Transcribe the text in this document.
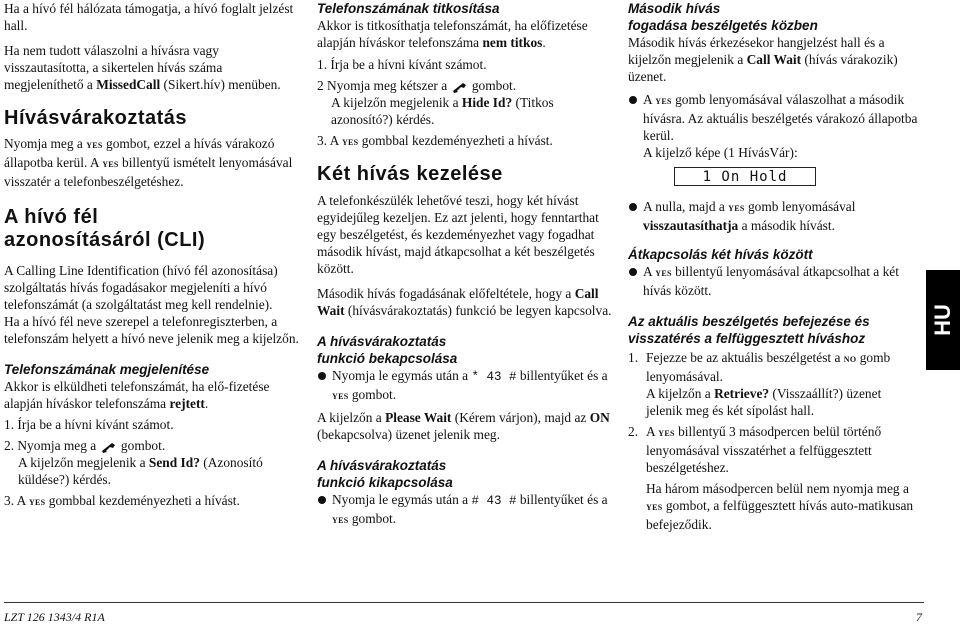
Ha a hívó fél hálózata támogatja, a hívó foglalt jelzést hall.

Ha nem tudott válaszolni a hívásra vagy visszautasította, a sikertelen hívás száma megjeleníthető a MissedCall (Sikert.hív) menüben.

Hívásvárakoztatás

Nyomja meg a yes gombot, ezzel a hívás várakozó állapotba kerül. A yes billentyű ismételt lenyomásával visszatér a telefonbeszélgetéshez.

A hívó fél
azonosításáról (CLI)

A Calling Line Identification (hívó fél azonosítása) szolgáltatás hívás fogadásakor megjeleníti a hívó telefonszámát (a szolgáltatást meg kell rendelnie).

Ha a hívó fél neve szerepel a telefonregiszterben, a telefonszám helyett a hívó neve jelenik meg a kijelzőn.

Telefonszámának megjelenítése

Akkor is elküldheti telefonszámát, ha elő-fizetése alapján híváskor telefonszáma rejtett.

1. Írja be a hívni kívánt számot.

2. Nyomja meg a  gombot.

A kijelzőn megjelenik a Send Id? (Azonosító küldése?) kérdés.

3. A yes gombbal kezdeményezheti a hívást.

Telefonszámának titkosítása

Akkor is titkosíthatja telefonszámát, ha előfizetése alapján híváskor telefonszáma nem titkos.

1. Írja be a hívni kívánt számot.

2 Nyomja meg kétszer a  gombot.

A kijelzőn megjelenik a Hide Id? (Titkos azonosító?) kérdés.

3. A yes gombbal kezdeményezheti a hívást.

Két hívás kezelése

A telefonkészülék lehetővé teszi, hogy két hívást egyidejűleg kezeljen. Ez azt jelenti, hogy fenntarthat egy beszélgetést, és kezdeményezhet vagy fogadhat második hívást, majd átkapcsolhat a két beszélgetés között.

Második hívás fogadásának előfeltétele, hogy a Call Wait (hívásvárakoztatás) funkció be legyen kapcsolva.

A hívásvárakoztatás
funkció bekapcsolása

Nyomja le egymás után a * 43 # billentyűket és a yes gombot.

A kijelzőn a Please Wait (Kérem várjon), majd az ON (bekapcsolva) üzenet jelenik meg.

A hívásvárakoztatás
funkció kikapcsolása

Nyomja le egymás után a # 43 # billentyűket és a yes gombot.

Második hívás
fogadása beszélgetés közben

Második hívás érkezésekor hangjelzést hall és a kijelzőn megjelenik a Call Wait (hívás várakozik) üzenet.

A yes gomb lenyomásával válaszolhat a második hívásra. Az aktuális beszélgetés várakozó állapotba kerül.
A kijelző képe (1 HívásVár):

1 On Hold

A nulla, majd a yes gomb lenyomásával visszautasíthatja a második hívást.

Átkapcsolás két hívás között

A yes billentyű lenyomásával átkapcsolhat a két hívás között.

Az aktuális beszélgetés befejezése és
visszatérés a felfüggesztett híváshoz
1. Fejezze be az aktuális beszélgetést a no gomb lenyomásával.

A kijelzőn a Retrieve? (Visszaállít?) üzenet jelenik meg és két sípolást hall.

2. A yes billentyű 3 másodpercen belül történő lenyomásával visszatérhet a felfüggesztett beszélgetéshez.

Ha három másodpercen belül nem nyomja meg a yes gombot, a felfüggesztett hívás auto-matikusan befejeződik.

HU
LZT 126 1343/4 R1A	7
